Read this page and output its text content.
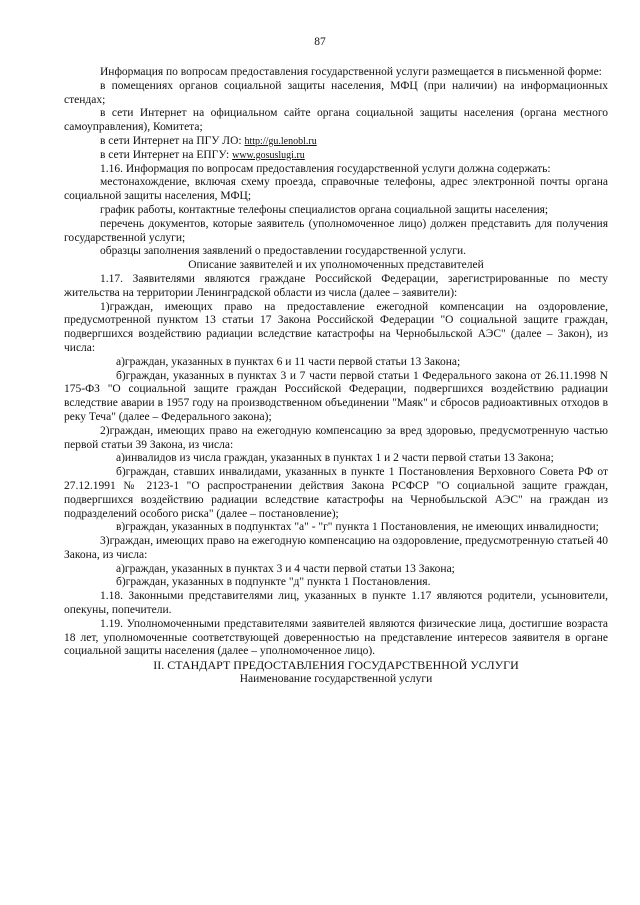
87

Информация по вопросам предоставления государственной услуги размещается в письменной форме:

в помещениях органов социальной защиты населения, МФЦ (при наличии) на информационных стендах;

в сети Интернет на официальном сайте органа социальной защиты населения (органа местного самоуправления), Комитета;

в сети Интернет на ПГУ ЛО: http://gu.lenobl.ru

в сети Интернет на ЕПГУ: www.gosuslugi.ru

1.16. Информация по вопросам предоставления государственной услуги должна содержать:

местонахождение, включая схему проезда, справочные телефоны, адрес электронной почты органа социальной защиты населения, МФЦ;

график работы, контактные телефоны специалистов органа социальной защиты населения;

перечень документов, которые заявитель (уполномоченное лицо) должен представить для получения государственной услуги;

образцы заполнения заявлений о предоставлении государственной услуги.

Описание заявителей и их уполномоченных представителей

1.17. Заявителями являются граждане Российской Федерации, зарегистрированные по месту жительства на территории Ленинградской области из числа (далее – заявители):

1)граждан, имеющих право на предоставление ежегодной компенсации на оздоровление, предусмотренной пунктом 13 статьи 17 Закона Российской Федерации "О социальной защите граждан, подвергшихся воздействию радиации вследствие катастрофы на Чернобыльской АЭС" (далее – Закон), из числа:

а)граждан, указанных в пунктах 6 и 11 части первой статьи 13 Закона;

б)граждан, указанных в пунктах 3 и 7 части первой статьи 1 Федерального закона от 26.11.1998 N 175-ФЗ "О социальной защите граждан Российской Федерации, подвергшихся воздействию радиации вследствие аварии в 1957 году на производственном объединении "Маяк" и сбросов радиоактивных отходов в реку Теча" (далее – Федерального закона);

2)граждан, имеющих право на ежегодную компенсацию за вред здоровью, предусмотренную частью первой статьи 39 Закона, из числа:

а)инвалидов из числа граждан, указанных в пунктах 1 и 2 части первой статьи 13 Закона;

б)граждан, ставших инвалидами, указанных в пункте 1 Постановления Верховного Совета РФ от 27.12.1991 № 2123-1 "О распространении действия Закона РСФСР "О социальной защите граждан, подвергшихся воздействию радиации вследствие катастрофы на Чернобыльской АЭС" на граждан из подразделений особого риска" (далее – постановление);

в)граждан, указанных в подпунктах "а" - "г" пункта 1 Постановления, не имеющих инвалидности;

3)граждан, имеющих право на ежегодную компенсацию на оздоровление, предусмотренную статьей 40 Закона, из числа:

а)граждан, указанных в пунктах 3 и 4 части первой статьи 13 Закона;

б)граждан, указанных в подпункте "д" пункта 1 Постановления.

1.18. Законными представителями лиц, указанных в пункте 1.17 являются родители, усыновители, опекуны, попечители.

1.19. Уполномоченными представителями заявителей являются физические лица, достигшие возраста 18 лет, уполномоченные соответствующей доверенностью на представление интересов заявителя в органе социальной защиты населения (далее – уполномоченное лицо).

II. СТАНДАРТ ПРЕДОСТАВЛЕНИЯ ГОСУДАРСТВЕННОЙ УСЛУГИ

Наименование государственной услуги
